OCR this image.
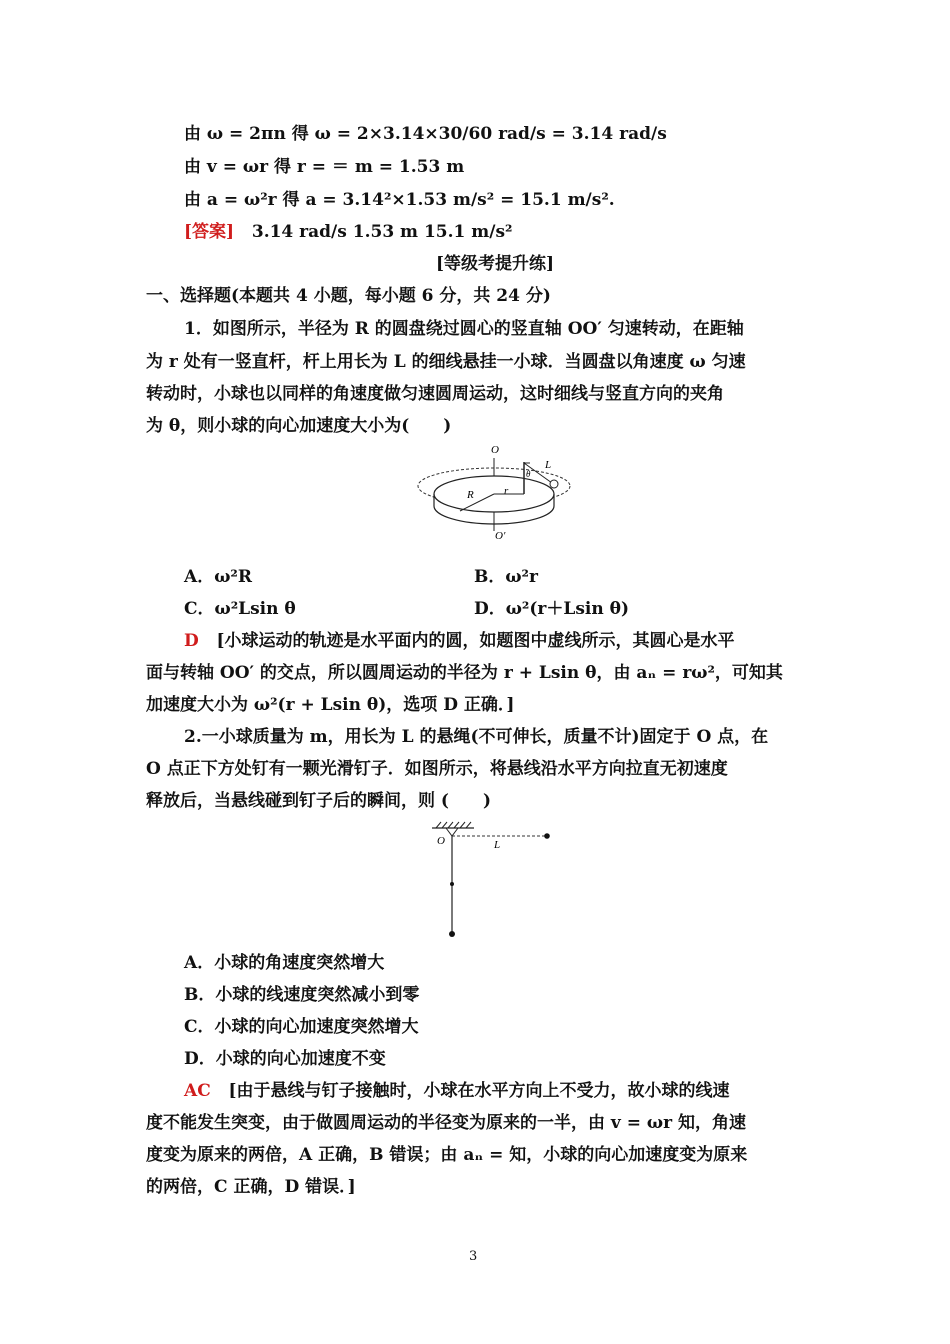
由 ω = 2πn 得 ω = 2×3.14×30/60 rad/s = 3.14 rad/s
由 v = ωr 得 r = ＝ m = 1.53 m
由 a = ω²r 得 a = 3.14²×1.53 m/s² = 15.1 m/s².
[答案] 3.14 rad/s 1.53 m 15.1 m/s²
[等级考提升练]
一、选择题(本题共 4 小题，每小题 6 分，共 24 分)
1．如图所示，半径为 R 的圆盘绕过圆心的竖直轴 OO′ 匀速转动，在距轴
为 r 处有一竖直杆，杆上用长为 L 的细线悬挂一小球．当圆盘以角速度 ω 匀速
转动时，小球也以同样的角速度做匀速圆周运动，这时细线与竖直方向的夹角
为 θ，则小球的向心加速度大小为(　　)
O
O′
R	r
L
θ
A．ω²R	B．ω²r
C．ω²Lsin θ	D．ω²(r＋Lsin θ)
D [小球运动的轨迹是水平面内的圆，如题图中虚线所示，其圆心是水平
面与转轴 OO′ 的交点，所以圆周运动的半径为 r + Lsin θ，由 aₙ = rω²，可知其
加速度大小为 ω²(r + Lsin θ)，选项 D 正确．]
2.一小球质量为 m，用长为 L 的悬绳(不可伸长，质量不计)固定于 O 点，在
O 点正下方处钉有一颗光滑钉子．如图所示，将悬线沿水平方向拉直无初速度
释放后，当悬线碰到钉子后的瞬间，则 (　　)
O	L
A．小球的角速度突然增大
B．小球的线速度突然减小到零
C．小球的向心加速度突然增大
D．小球的向心加速度不变
AC [由于悬线与钉子接触时，小球在水平方向上不受力，故小球的线速
度不能发生突变，由于做圆周运动的半径变为原来的一半，由 v = ωr 知，角速
度变为原来的两倍，A 正确，B 错误；由 aₙ = 知，小球的向心加速度变为原来
的两倍，C 正确，D 错误．]
3
